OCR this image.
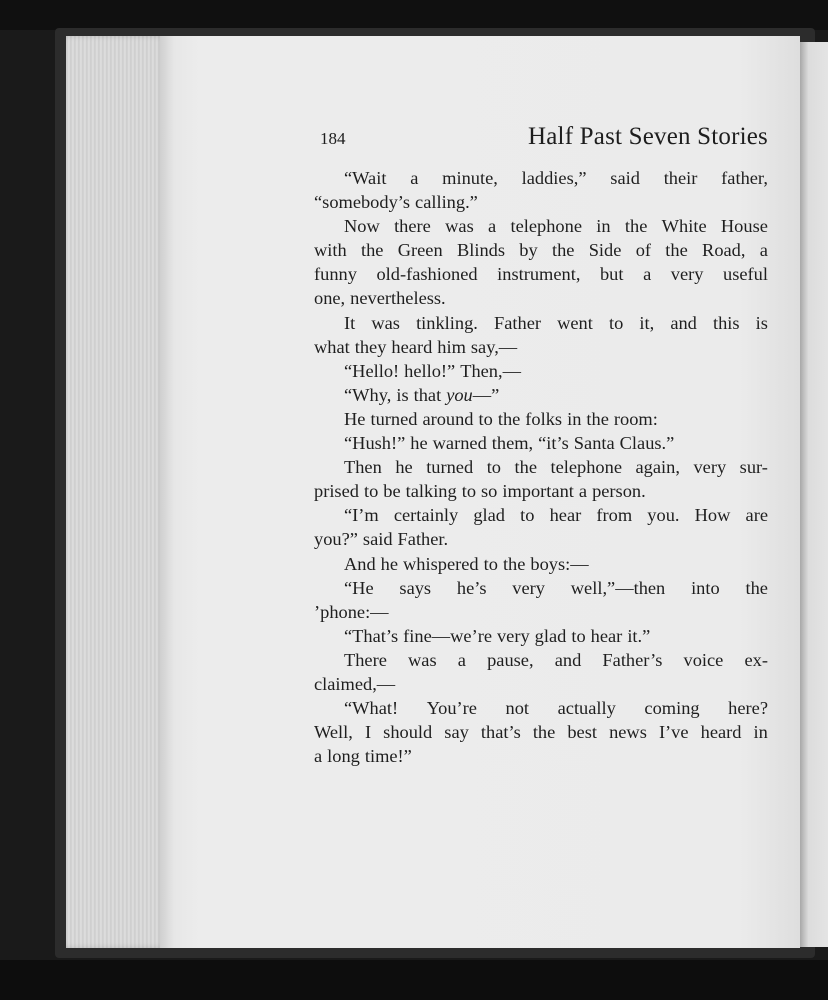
184	Half Past Seven Stories
“Wait a minute, laddies,” said their father,
“somebody’s calling.”
Now there was a telephone in the White House
with the Green Blinds by the Side of the Road, a
funny old-fashioned instrument, but a very useful
one, nevertheless.
It was tinkling. Father went to it, and this is
what they heard him say,—
“Hello! hello!” Then,—
“Why, is that you—”
He turned around to the folks in the room:
“Hush!” he warned them, “it’s Santa Claus.”
Then he turned to the telephone again, very sur-
prised to be talking to so important a person.
“I’m certainly glad to hear from you. How are
you?” said Father.
And he whispered to the boys:—
“He says he’s very well,”—then into the
’phone:—
“That’s fine—we’re very glad to hear it.”
There was a pause, and Father’s voice ex-
claimed,—
“What! You’re not actually coming here?
Well, I should say that’s the best news I’ve heard in
a long time!”
